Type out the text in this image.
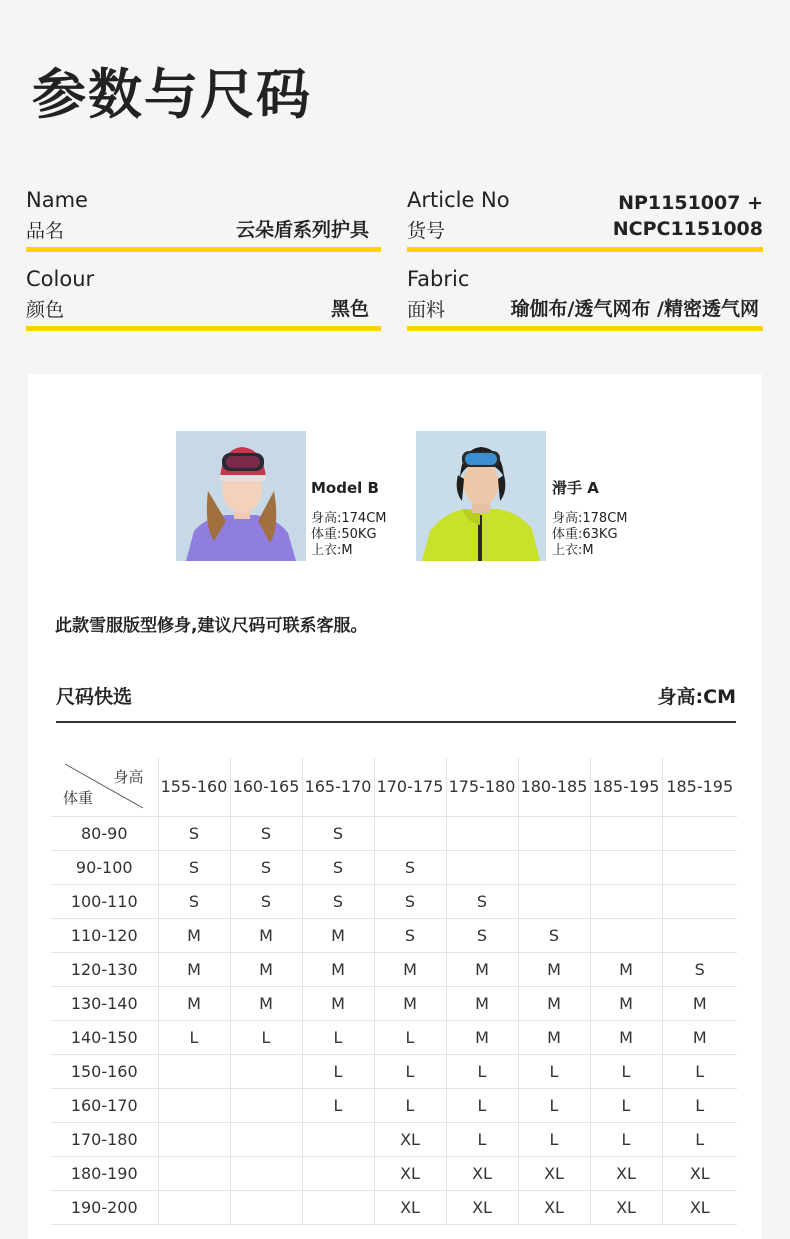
参数与尺码
Name
品名	云朵盾系列护具
Article No
货号
NP1151007 +
NCPC1151008
Colour
颜色	黑色
Fabric
面料	瑜伽布/透气网布 /精密透气网
Model B
身高:174CM
体重:50KG
上衣:M
滑手 A
身高:178CM
体重:63KG
上衣:M
此款雪服版型修身,建议尺码可联系客服。
尺码快选	身高:CM
身高
体重	155-160	160-165	165-170	170-175	175-180	180-185	185-195	185-195
80-90	S	S	S					
90-100	S	S	S	S				
100-110	S	S	S	S	S			
110-120	M	M	M	S	S	S		
120-130	M	M	M	M	M	M	M	S
130-140	M	M	M	M	M	M	M	M
140-150	L	L	L	L	M	M	M	M
150-160			L	L	L	L	L	L
160-170			L	L	L	L	L	L
170-180				XL	L	L	L	L
180-190				XL	XL	XL	XL	XL
190-200				XL	XL	XL	XL	XL
